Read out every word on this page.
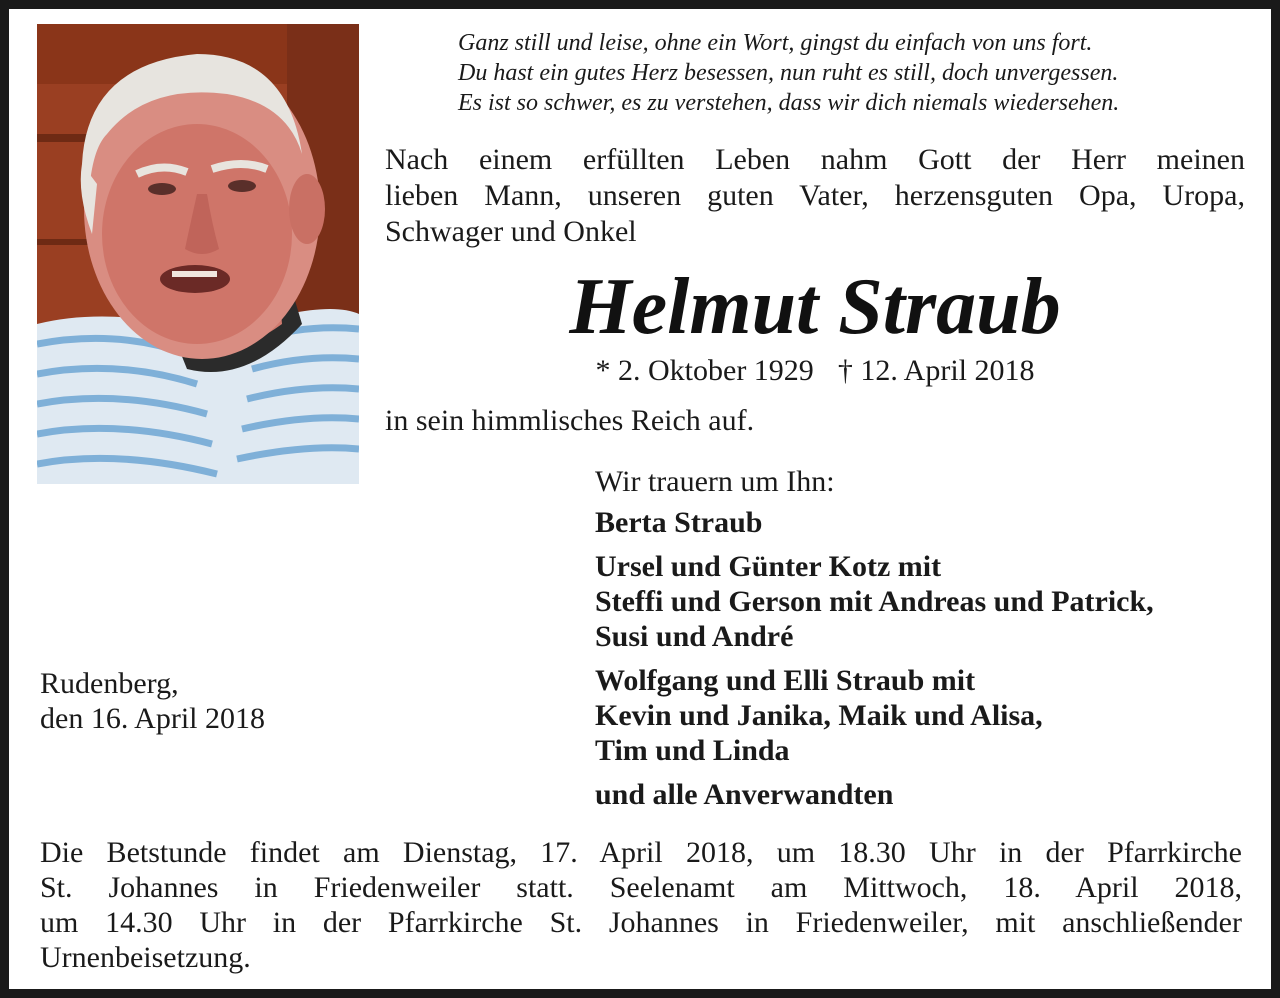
Ganz still und leise, ohne ein Wort, gingst du einfach von uns fort.
Du hast ein gutes Herz besessen, nun ruht es still, doch unvergessen.
Es ist so schwer, es zu verstehen, dass wir dich niemals wiedersehen.
Nach einem erfüllten Leben nahm Gott der Herr meinen
lieben Mann, unseren guten Vater, herzensguten Opa, Uropa,
Schwager und Onkel
Helmut Straub
* 2. Oktober 1929 † 12. April 2018
in sein himmlisches Reich auf.
Wir trauern um Ihn:
Berta Straub
Ursel und Günter Kotz mit
Steffi und Gerson mit Andreas und Patrick,
Susi und André
Wolfgang und Elli Straub mit
Kevin und Janika, Maik und Alisa,
Tim und Linda
und alle Anverwandten
Rudenberg,
den 16. April 2018
Die Betstunde findet am Dienstag, 17. April 2018, um 18.30 Uhr in der Pfarrkirche
St. Johannes in Friedenweiler statt. Seelenamt am Mittwoch, 18. April 2018,
um 14.30 Uhr in der Pfarrkirche St. Johannes in Friedenweiler, mit anschließender
Urnenbeisetzung.
